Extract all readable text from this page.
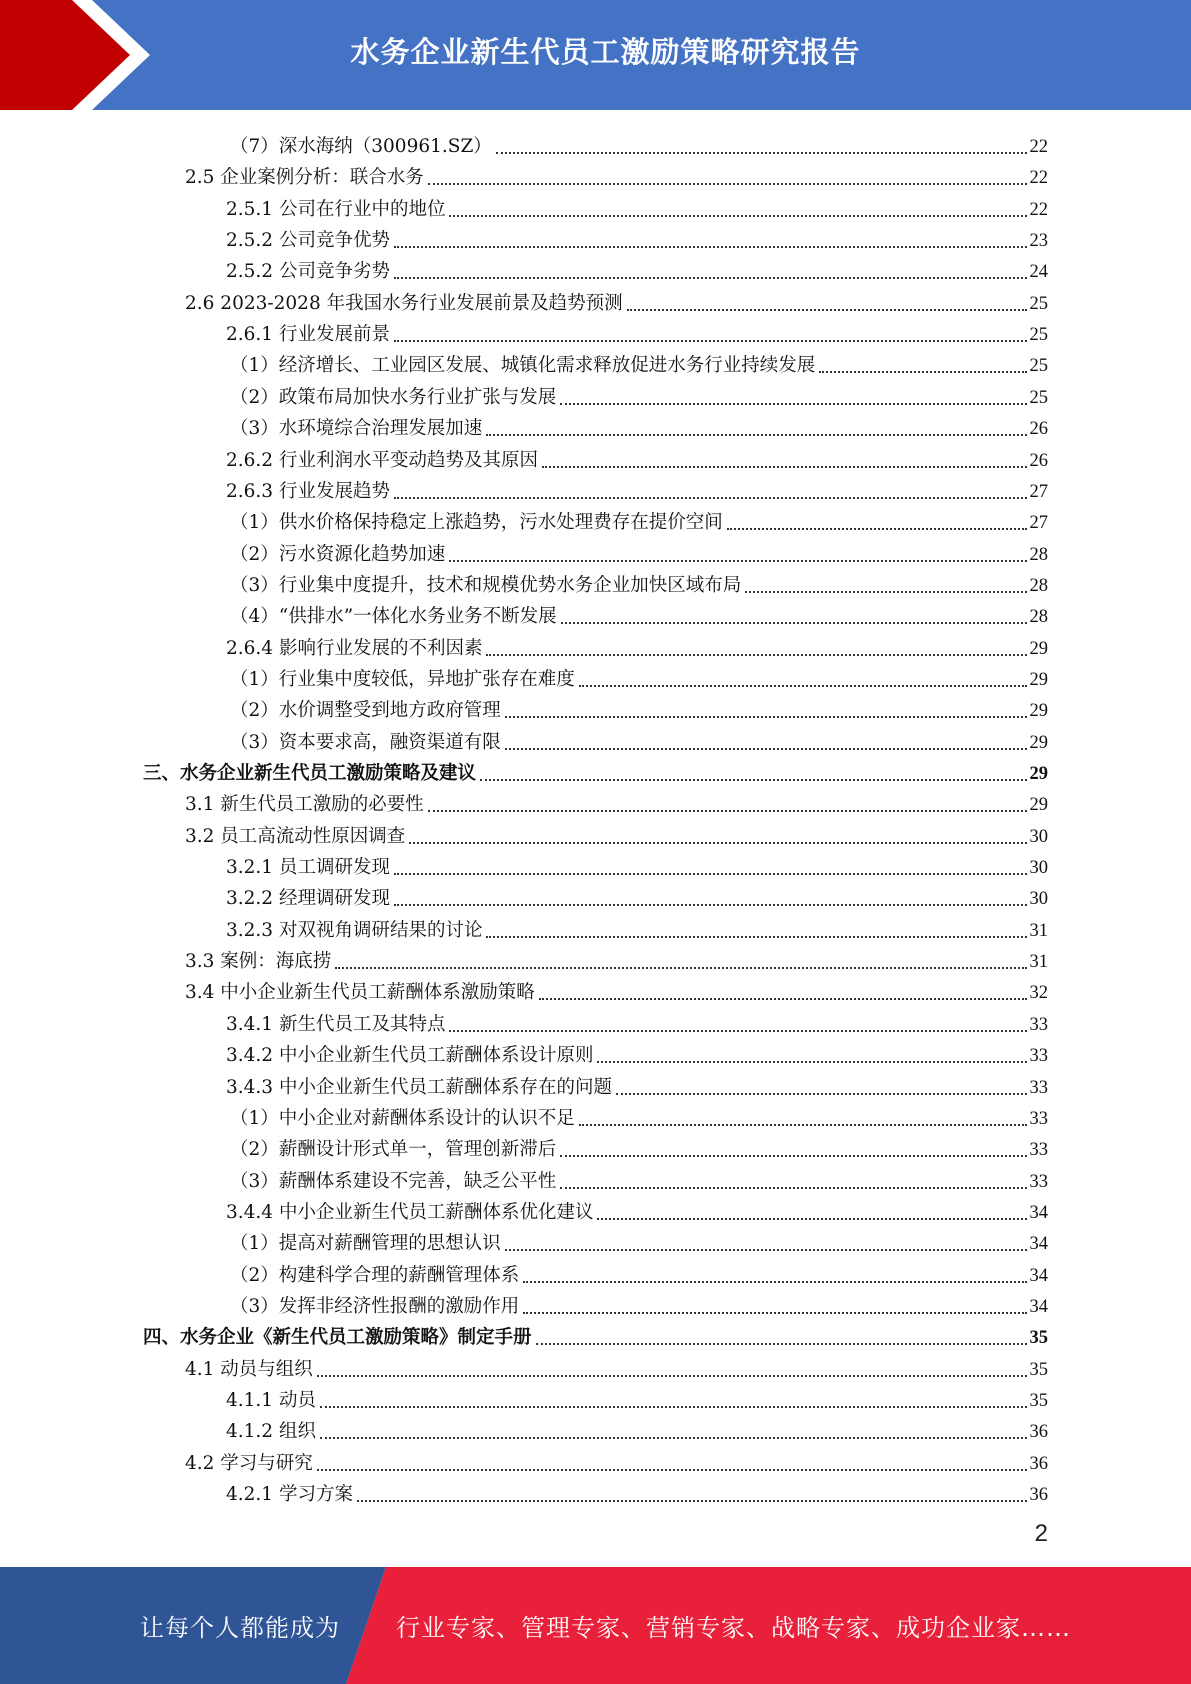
水务企业新生代员工激励策略研究报告
（7）深水海纳（300961.SZ）	22
2.5 企业案例分析：联合水务	22
2.5.1 公司在行业中的地位	22
2.5.2 公司竞争优势	23
2.5.2 公司竞争劣势	24
2.6 2023-2028 年我国水务行业发展前景及趋势预测	25
2.6.1 行业发展前景	25
（1）经济增长、工业园区发展、城镇化需求释放促进水务行业持续发展	25
（2）政策布局加快水务行业扩张与发展	25
（3）水环境综合治理发展加速	26
2.6.2 行业利润水平变动趋势及其原因	26
2.6.3 行业发展趋势	27
（1）供水价格保持稳定上涨趋势，污水处理费存在提价空间	27
（2）污水资源化趋势加速	28
（3）行业集中度提升，技术和规模优势水务企业加快区域布局	28
（4）“供排水”一体化水务业务不断发展	28
2.6.4 影响行业发展的不利因素	29
（1）行业集中度较低，异地扩张存在难度	29
（2）水价调整受到地方政府管理	29
（3）资本要求高，融资渠道有限	29
三、水务企业新生代员工激励策略及建议	29
3.1 新生代员工激励的必要性	29
3.2 员工高流动性原因调查	30
3.2.1 员工调研发现	30
3.2.2 经理调研发现	30
3.2.3 对双视角调研结果的讨论	31
3.3 案例：海底捞	31
3.4 中小企业新生代员工薪酬体系激励策略	32
3.4.1 新生代员工及其特点	33
3.4.2 中小企业新生代员工薪酬体系设计原则	33
3.4.3 中小企业新生代员工薪酬体系存在的问题	33
（1）中小企业对薪酬体系设计的认识不足	33
（2）薪酬设计形式单一，管理创新滞后	33
（3）薪酬体系建设不完善，缺乏公平性	33
3.4.4 中小企业新生代员工薪酬体系优化建议	34
（1）提高对薪酬管理的思想认识	34
（2）构建科学合理的薪酬管理体系	34
（3）发挥非经济性报酬的激励作用	34
四、水务企业《新生代员工激励策略》制定手册	35
4.1 动员与组织	35
4.1.1 动员	35
4.1.2 组织	36
4.2 学习与研究	36
4.2.1 学习方案	36
2
让每个人都能成为 行业专家、管理专家、营销专家、战略专家、成功企业家……
